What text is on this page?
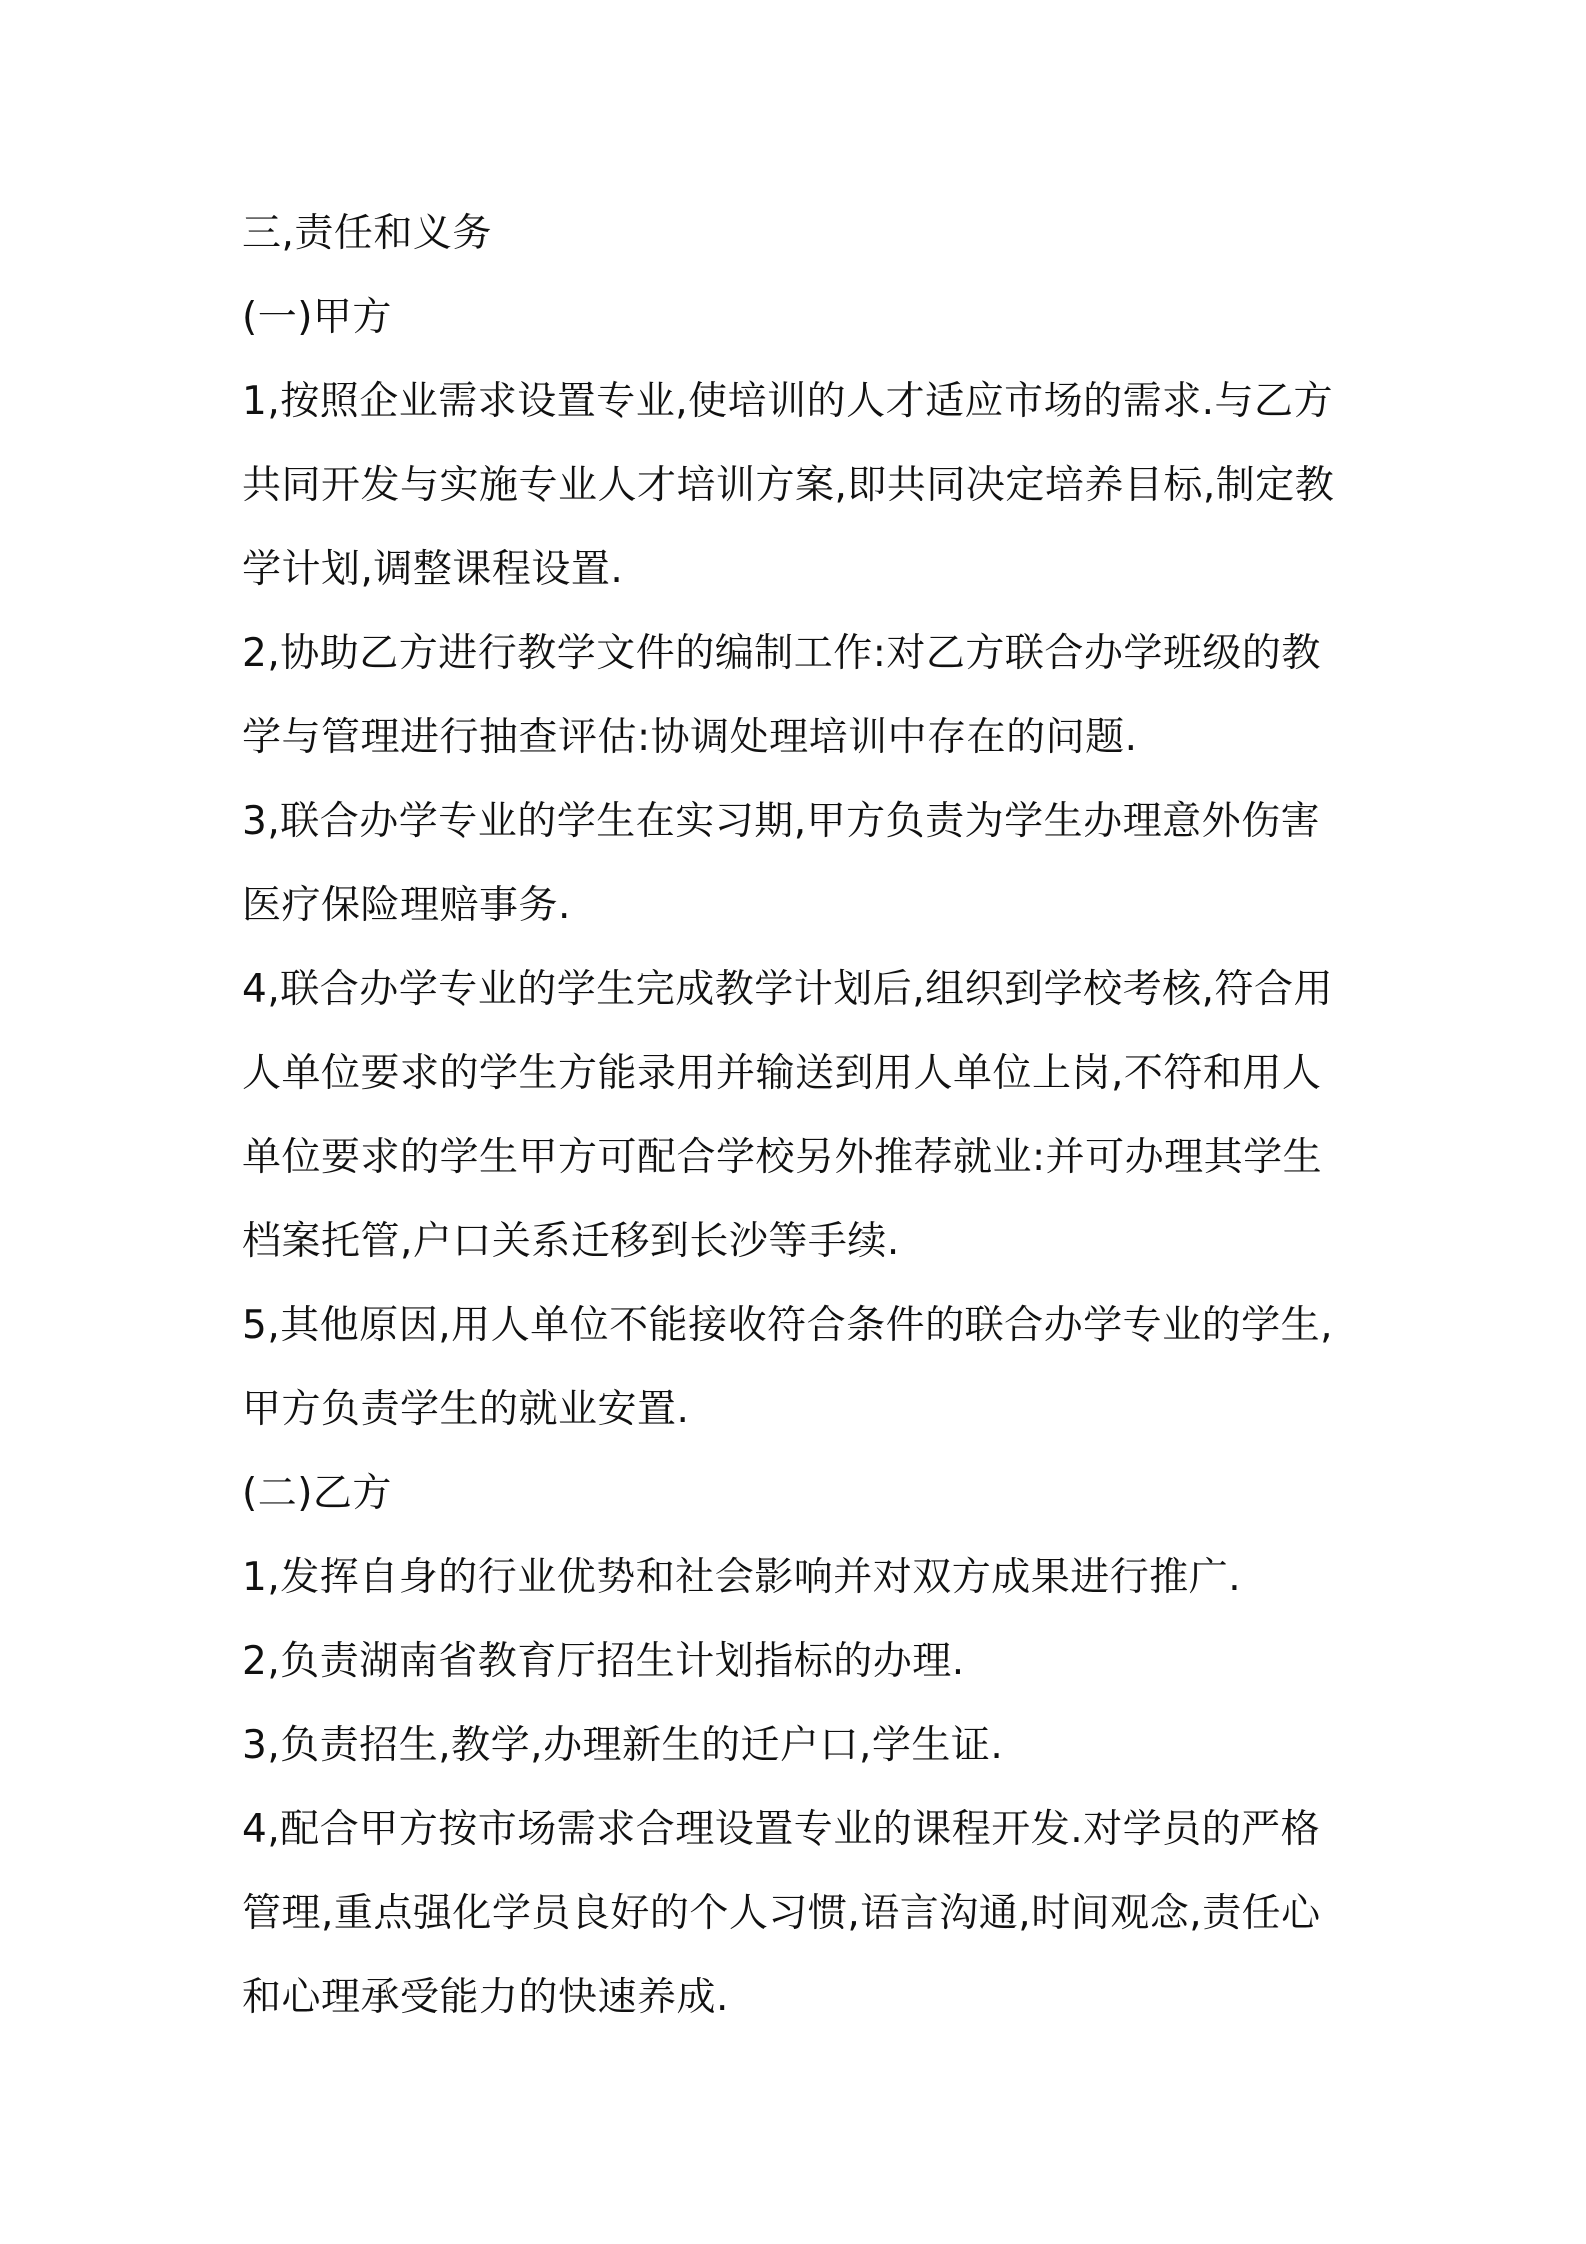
三,责任和义务
(一)甲方
1,按照企业需求设置专业,使培训的人才适应市场的需求.与乙方
共同开发与实施专业人才培训方案,即共同决定培养目标,制定教
学计划,调整课程设置.
2,协助乙方进行教学文件的编制工作:对乙方联合办学班级的教
学与管理进行抽查评估:协调处理培训中存在的问题.
3,联合办学专业的学生在实习期,甲方负责为学生办理意外伤害
医疗保险理赔事务.
4,联合办学专业的学生完成教学计划后,组织到学校考核,符合用
人单位要求的学生方能录用并输送到用人单位上岗,不符和用人
单位要求的学生甲方可配合学校另外推荐就业:并可办理其学生
档案托管,户口关系迁移到长沙等手续.
5,其他原因,用人单位不能接收符合条件的联合办学专业的学生,
甲方负责学生的就业安置.
(二)乙方
1,发挥自身的行业优势和社会影响并对双方成果进行推广.
2,负责湖南省教育厅招生计划指标的办理.
3,负责招生,教学,办理新生的迁户口,学生证.
4,配合甲方按市场需求合理设置专业的课程开发.对学员的严格
管理,重点强化学员良好的个人习惯,语言沟通,时间观念,责任心
和心理承受能力的快速养成.
